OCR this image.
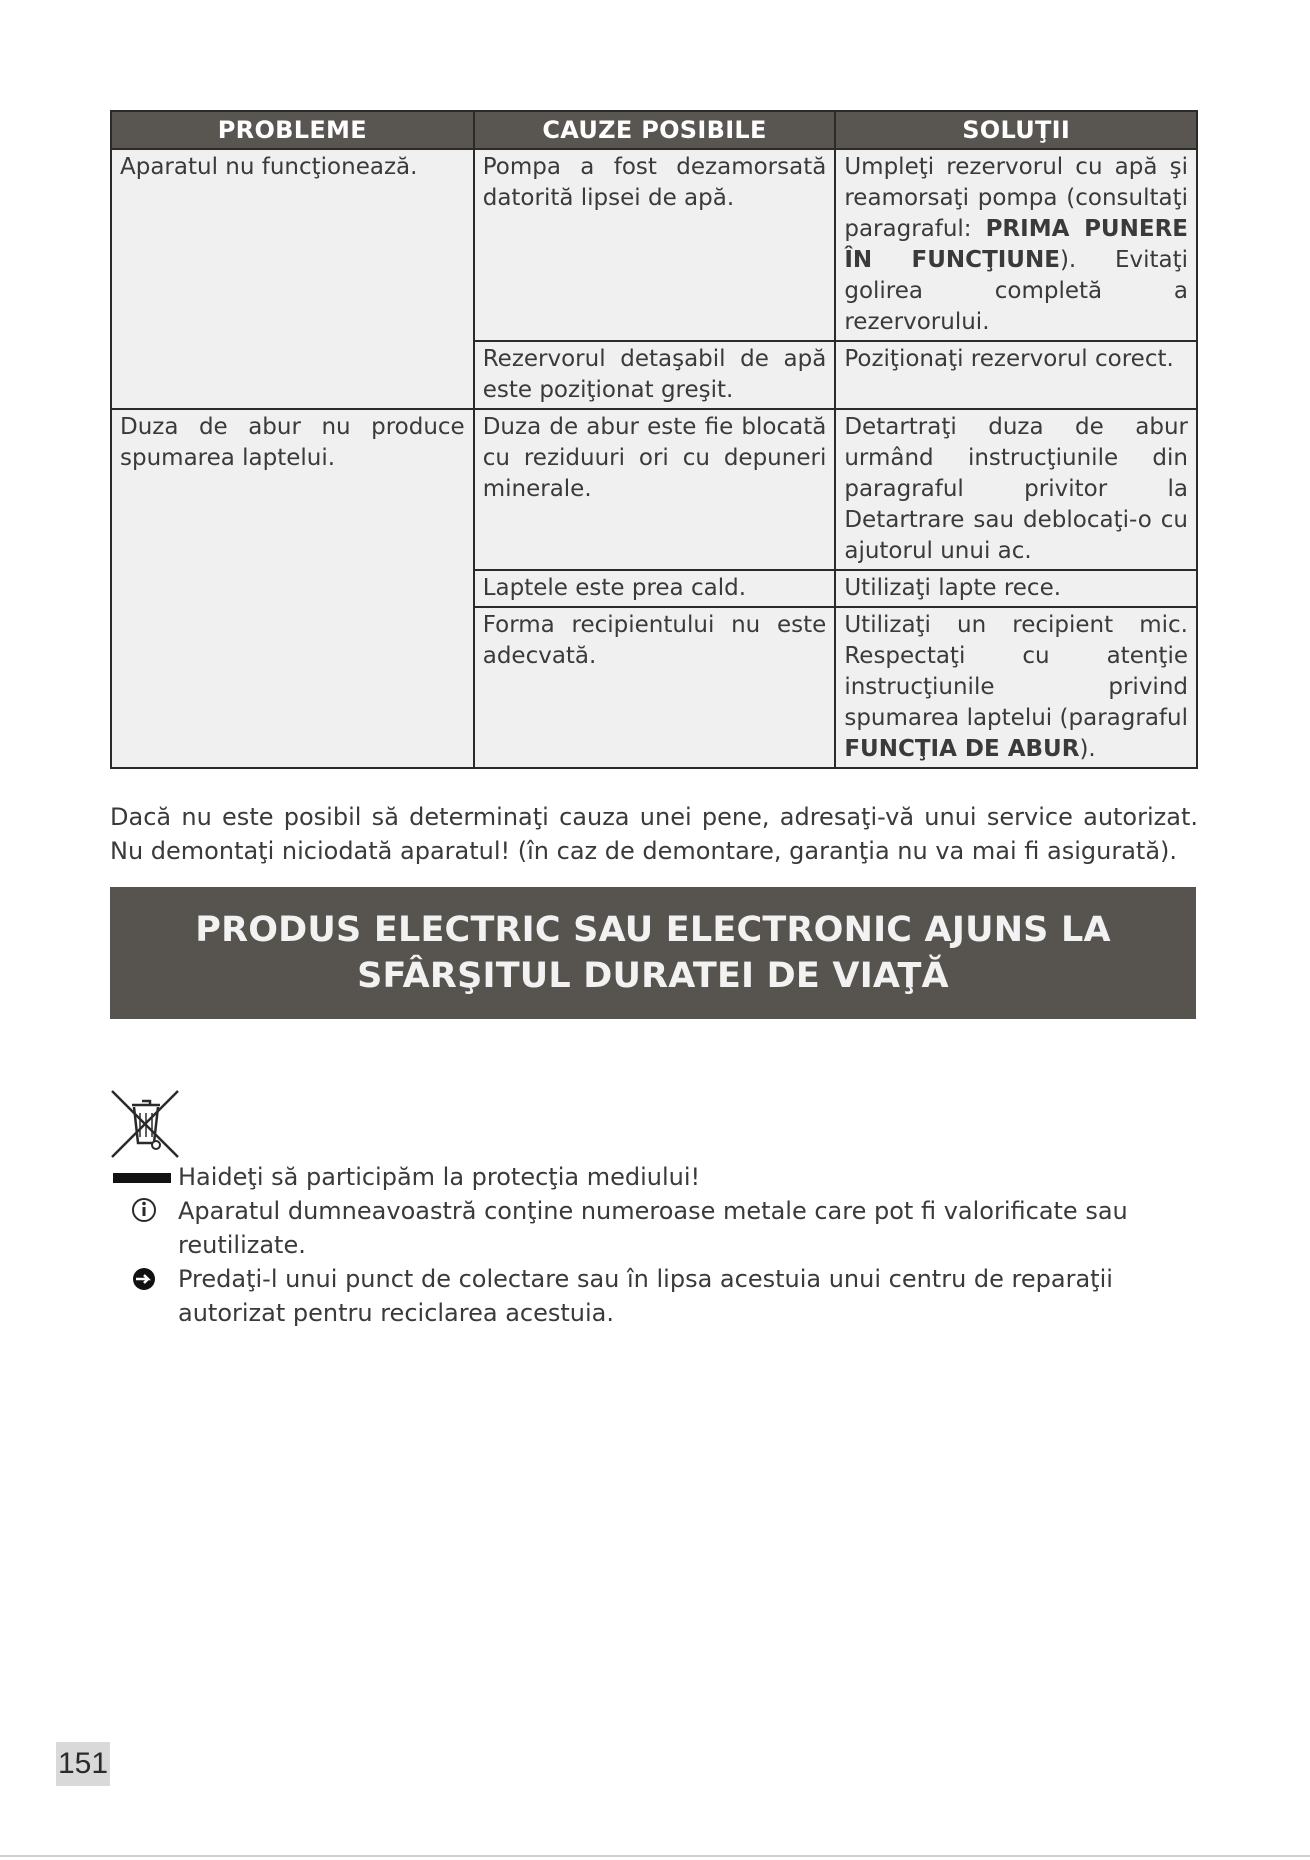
PROBLEME	CAUZE POSIBILE	SOLUŢII
Aparatul nu funcţionează.	Pompa a fost dezamorsată datorită lipsei de apă.	Umpleţi rezervorul cu apă şi reamorsaţi pompa (consultaţi paragraful: PRIMA PUNERE ÎN FUNCŢIUNE). Evitaţi golirea completă a rezervorului.
	Rezervorul detaşabil de apă este poziţionat greşit.	Poziţionaţi rezervorul corect.
Duza de abur nu produce spumarea laptelui.	Duza de abur este fie blocată cu reziduuri ori cu depuneri minerale.	Detartraţi duza de abur urmând instrucţiunile din paragraful privitor la Detartrare sau deblocaţi-o cu ajutorul unui ac.
	Laptele este prea cald.	Utilizaţi lapte rece.
	Forma recipientului nu este adecvată.	Utilizaţi un recipient mic. Respectaţi cu atenţie instrucţiunile privind spumarea laptelui (paragraful FUNCŢIA DE ABUR).

Dacă nu este posibil să determinaţi cauza unei pene, adresaţi-vă unui service autorizat. Nu demontaţi niciodată aparatul! (în caz de demontare, garanţia nu va mai fi asigurată).

PRODUS ELECTRIC SAU ELECTRONIC AJUNS LA
SFÂRŞITUL DURATEI DE VIAŢĂ
Haideţi să participăm la protecţia mediului!
Aparatul dumneavoastră conţine numeroase metale care pot fi valorificate sau reutilizate.
Predaţi-l unui punct de colectare sau în lipsa acestuia unui centru de reparaţii autorizat pentru reciclarea acestuia.
151
